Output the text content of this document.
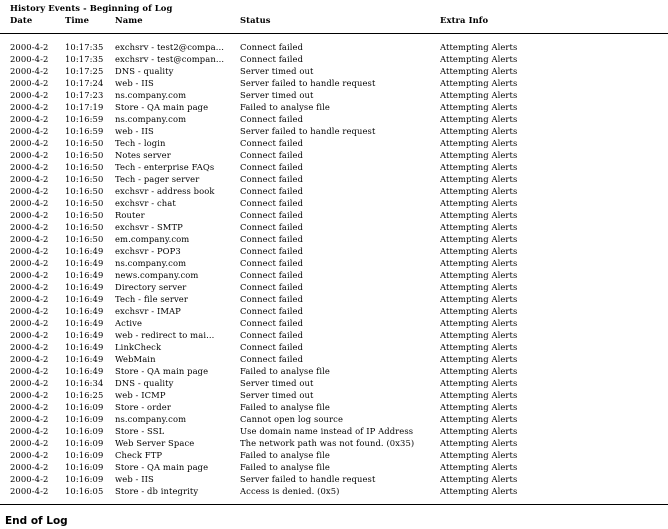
History Events - Beginning of Log
Date	Time	Name	Status	Extra Info
2000-4-2	10:17:35	exchsrv - test2@compa...	Connect failed	Attempting Alerts
2000-4-2	10:17:35	exchsrv - test@compan...	Connect failed	Attempting Alerts
2000-4-2	10:17:25	DNS - quality	Server timed out	Attempting Alerts
2000-4-2	10:17:24	web - IIS	Server failed to handle request	Attempting Alerts
2000-4-2	10:17:23	ns.company.com	Server timed out	Attempting Alerts
2000-4-2	10:17:19	Store - QA main page	Failed to analyse file	Attempting Alerts
2000-4-2	10:16:59	ns.company.com	Connect failed	Attempting Alerts
2000-4-2	10:16:59	web - IIS	Server failed to handle request	Attempting Alerts
2000-4-2	10:16:50	Tech - login	Connect failed	Attempting Alerts
2000-4-2	10:16:50	Notes server	Connect failed	Attempting Alerts
2000-4-2	10:16:50	Tech - enterprise FAQs	Connect failed	Attempting Alerts
2000-4-2	10:16:50	Tech - pager server	Connect failed	Attempting Alerts
2000-4-2	10:16:50	exchsvr - address book	Connect failed	Attempting Alerts
2000-4-2	10:16:50	exchsvr - chat	Connect failed	Attempting Alerts
2000-4-2	10:16:50	Router	Connect failed	Attempting Alerts
2000-4-2	10:16:50	exchsvr - SMTP	Connect failed	Attempting Alerts
2000-4-2	10:16:50	em.company.com	Connect failed	Attempting Alerts
2000-4-2	10:16:49	exchsvr - POP3	Connect failed	Attempting Alerts
2000-4-2	10:16:49	ns.company.com	Connect failed	Attempting Alerts
2000-4-2	10:16:49	news.company.com	Connect failed	Attempting Alerts
2000-4-2	10:16:49	Directory server	Connect failed	Attempting Alerts
2000-4-2	10:16:49	Tech - file server	Connect failed	Attempting Alerts
2000-4-2	10:16:49	exchsvr - IMAP	Connect failed	Attempting Alerts
2000-4-2	10:16:49	Active	Connect failed	Attempting Alerts
2000-4-2	10:16:49	web - redirect to mai...	Connect failed	Attempting Alerts
2000-4-2	10:16:49	LinkCheck	Connect failed	Attempting Alerts
2000-4-2	10:16:49	WebMain	Connect failed	Attempting Alerts
2000-4-2	10:16:49	Store - QA main page	Failed to analyse file	Attempting Alerts
2000-4-2	10:16:34	DNS - quality	Server timed out	Attempting Alerts
2000-4-2	10:16:25	web - ICMP	Server timed out	Attempting Alerts
2000-4-2	10:16:09	Store - order	Failed to analyse file	Attempting Alerts
2000-4-2	10:16:09	ns.company.com	Cannot open log source	Attempting Alerts
2000-4-2	10:16:09	Store - SSL	Use domain name instead of IP Address	Attempting Alerts
2000-4-2	10:16:09	Web Server Space	The network path was not found. (0x35)	Attempting Alerts
2000-4-2	10:16:09	Check FTP	Failed to analyse file	Attempting Alerts
2000-4-2	10:16:09	Store - QA main page	Failed to analyse file	Attempting Alerts
2000-4-2	10:16:09	web - IIS	Server failed to handle request	Attempting Alerts
2000-4-2	10:16:05	Store - db integrity	Access is denied. (0x5)	Attempting Alerts
End of Log
